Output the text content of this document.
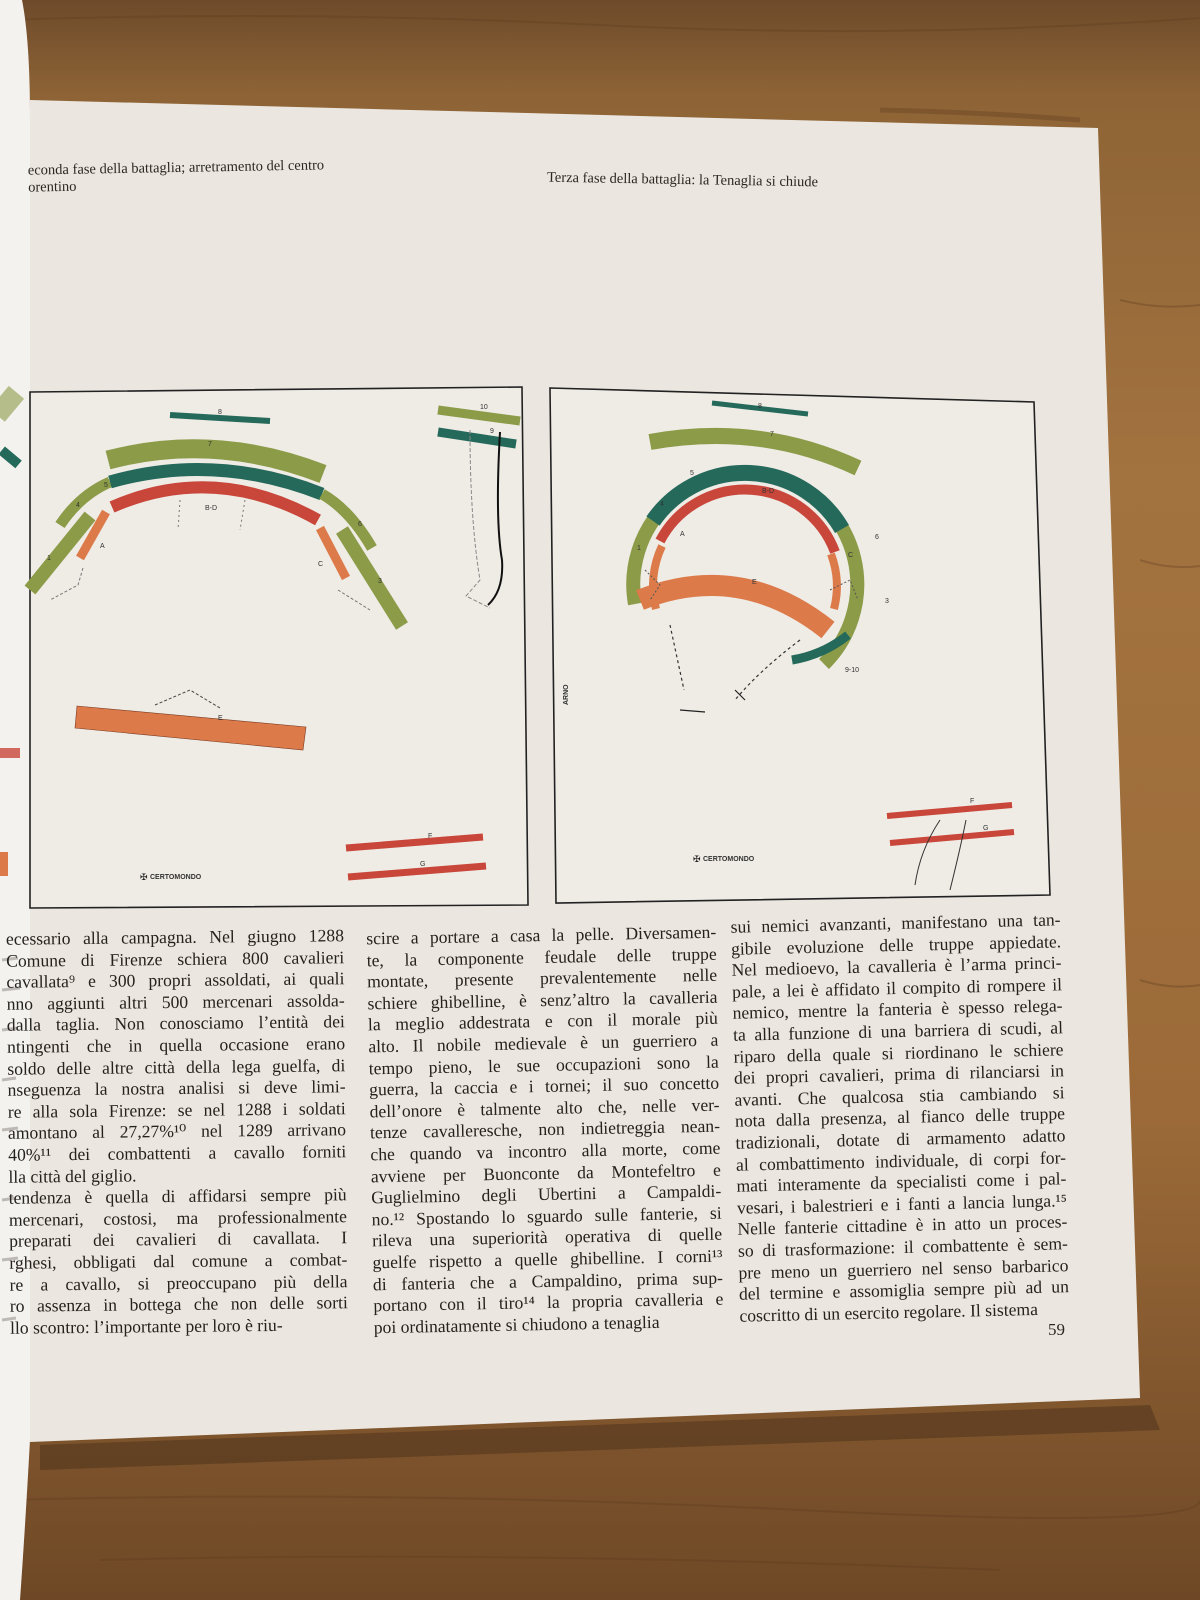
8
7
5
4
1
A
B-D
C
6
3
10
9
E
F
G
✠ CERTOMONDO
8
7
5
4
1
A
B-D
C
6
3
E
9-10
F
G
ARNO
✠ CERTOMONDO
econda fase della battaglia; arretramento del centro
orentino	Terza fase della battaglia: la Tenaglia si chiude
ecessario alla campagna. Nel giugno 1288
Comune di Firenze schiera 800 cavalieri
cavallata⁹ e 300 propri assoldati, ai quali
nno aggiunti altri 500 mercenari assolda-
dalla taglia. Non conosciamo l’entità dei
ntingenti che in quella occasione erano
soldo delle altre città della lega guelfa, di
nseguenza la nostra analisi si deve limi-
re alla sola Firenze: se nel 1288 i soldati
amontano al 27,27%¹⁰ nel 1289 arrivano
40%¹¹ dei combattenti a cavallo forniti
lla città del giglio.
tendenza è quella di affidarsi sempre più
mercenari, costosi, ma professionalmente
preparati dei cavalieri di cavallata. I
rghesi, obbligati dal comune a combat-
re a cavallo, si preoccupano più della
ro assenza in bottega che non delle sorti
llo scontro: l’importante per loro è riu-
scire a portare a casa la pelle. Diversamen-
te, la componente feudale delle truppe
montate, presente prevalentemente nelle
schiere ghibelline, è senz’altro la cavalleria
la meglio addestrata e con il morale più
alto. Il nobile medievale è un guerriero a
tempo pieno, le sue occupazioni sono la
guerra, la caccia e i tornei; il suo concetto
dell’onore è talmente alto che, nelle ver-
tenze cavalleresche, non indietreggia nean-
che quando va incontro alla morte, come
avviene per Buonconte da Montefeltro e
Guglielmino degli Ubertini a Campaldi-
no.¹² Spostando lo sguardo sulle fanterie, si
rileva una superiorità operativa di quelle
guelfe rispetto a quelle ghibelline. I corni¹³
di fanteria che a Campaldino, prima sup-
portano con il tiro¹⁴ la propria cavalleria e
poi ordinatamente si chiudono a tenaglia
sui nemici avanzanti, manifestano una tan-
gibile evoluzione delle truppe appiedate.
Nel medioevo, la cavalleria è l’arma princi-
pale, a lei è affidato il compito di rompere il
nemico, mentre la fanteria è spesso relega-
ta alla funzione di una barriera di scudi, al
riparo della quale si riordinano le schiere
dei propri cavalieri, prima di rilanciarsi in
avanti. Che qualcosa stia cambiando si
nota dalla presenza, al fianco delle truppe
tradizionali, dotate di armamento adatto
al combattimento individuale, di corpi for-
mati interamente da specialisti come i pal-
vesari, i balestrieri e i fanti a lancia lunga.¹⁵
Nelle fanterie cittadine è in atto un proces-
so di trasformazione: il combattente è sem-
pre meno un guerriero nel senso barbarico
del termine e assomiglia sempre più ad un
coscritto di un esercito regolare. Il sistema
59
